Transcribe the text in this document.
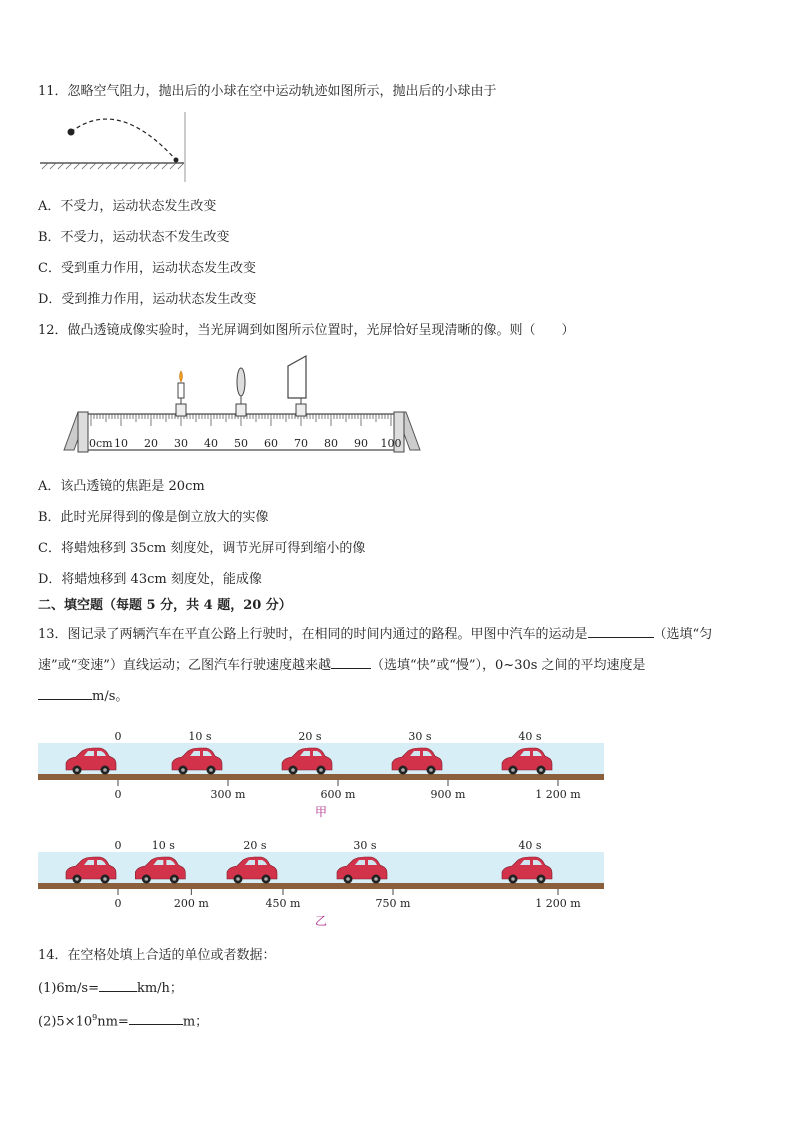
11．忽略空气阻力，抛出后的小球在空中运动轨迹如图所示，抛出后的小球由于
A．不受力，运动状态发生改变
B．不受力，运动状态不发生改变
C．受到重力作用，运动状态发生改变
D．受到推力作用，运动状态发生改变
12．做凸透镜成像实验时，当光屏调到如图所示位置时，光屏恰好呈现清晰的像。则（　　）
0cm 10 20 30 40 50 60 70 80 90 100
A．该凸透镜的焦距是 20cm
B．此时光屏得到的像是倒立放大的实像
C．将蜡烛移到 35cm 刻度处，调节光屏可得到缩小的像
D．将蜡烛移到 43cm 刻度处，能成像
二、填空题（每题 5 分，共 4 题，20 分）
13．图记录了两辆汽车在平直公路上行驶时，在相同的时间内通过的路程。甲图中汽车的运动是	（选填“匀
速”或“变速”）直线运动；乙图汽车行驶速度越来越	（选填“快”或“慢”），0~30s 之间的平均速度是
m/s。
0	10 s	20 s	30 s	40 s
0	300 m	600 m	900 m	1 200 m
甲
0	10 s	20 s	30 s	40 s
0	200 m	450 m	750 m	1 200 m
乙
14．在空格处填上合适的单位或者数据：
(1)6m/s=	km/h；
$(2)5\times 10^9nm=$	m；
